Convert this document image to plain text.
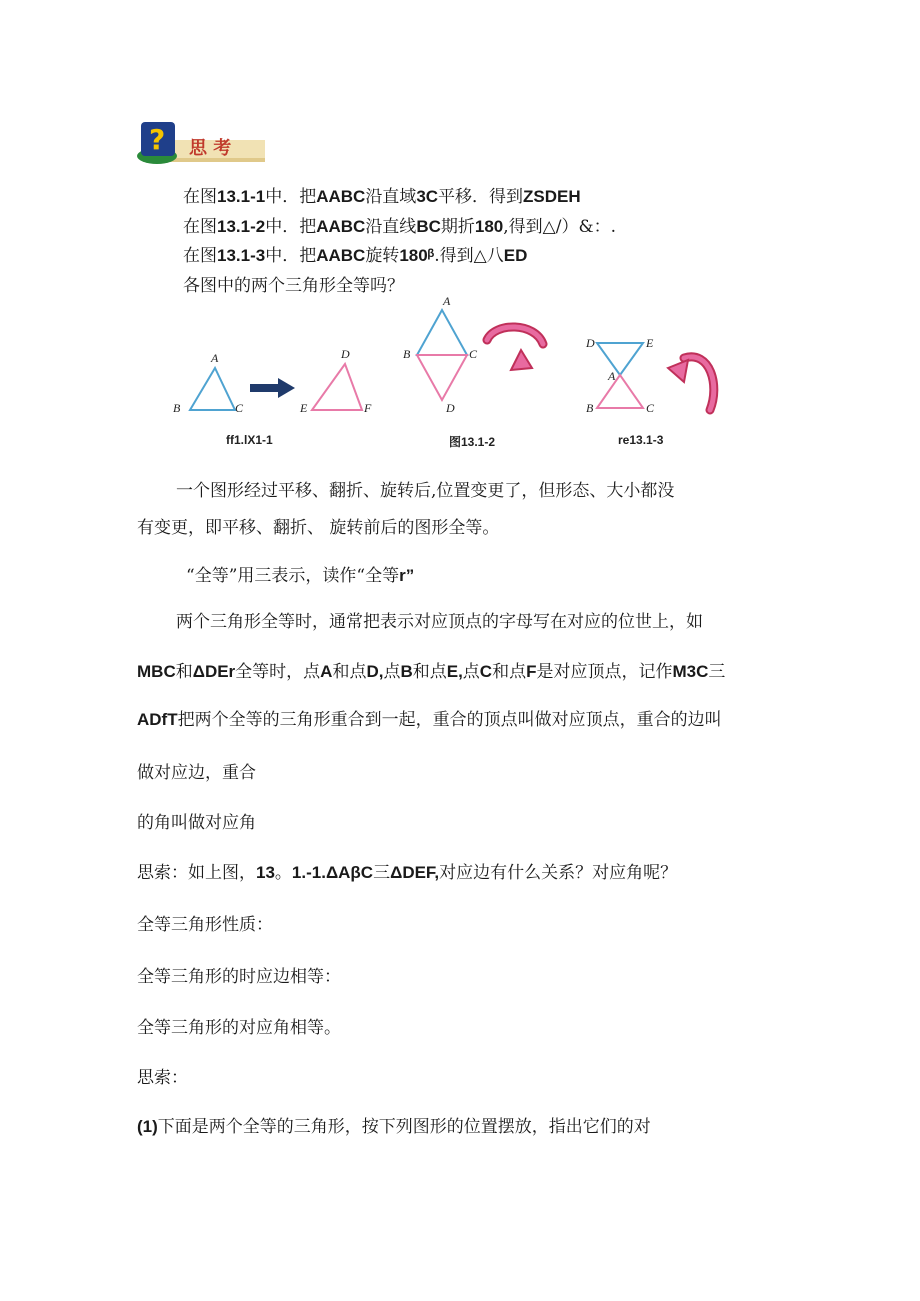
? 思 考
在图13.1-1中．把AABC沿直域3C平移．得到ZSDEH
在图13.1-2中．把AABC沿直线BC期折180,得到△/）&：.
在图13.1-3中．把AABC旋转180ᵝ.得到△八ED
各图中的两个三角形全等吗？
A
B	C
D
E	F
ff1.lX1-1
A
B	C
D
图13.1-2
D	E
A
B	C
re13.1-3
一个图形经过平移、翻折、旋转后,位置变更了，但形态、大小都没
有变更，即平移、翻折、 旋转前后的图形全等。
“全等”用三表示，读作“全等r”
两个三角形全等时，通常把表示对应顶点的字母写在对应的位世上，如
MBC和ΔDEr全等时，点A和点D,点B和点E,点C和点F是对应顶点，记作M3C三
ADfT把两个全等的三角形重合到一起，重合的顶点叫做对应顶点，重合的边叫
做对应边，重合
的角叫做对应角
思索：如上图，13。1.-1.ΔAβC三ΔDEF,对应边有什么关系？对应角呢？
全等三角形性质：
全等三角形的时应边相等：
全等三角形的对应角相等。
思索：
(1)下面是两个全等的三角形，按下列图形的位置摆放，指出它们的对
